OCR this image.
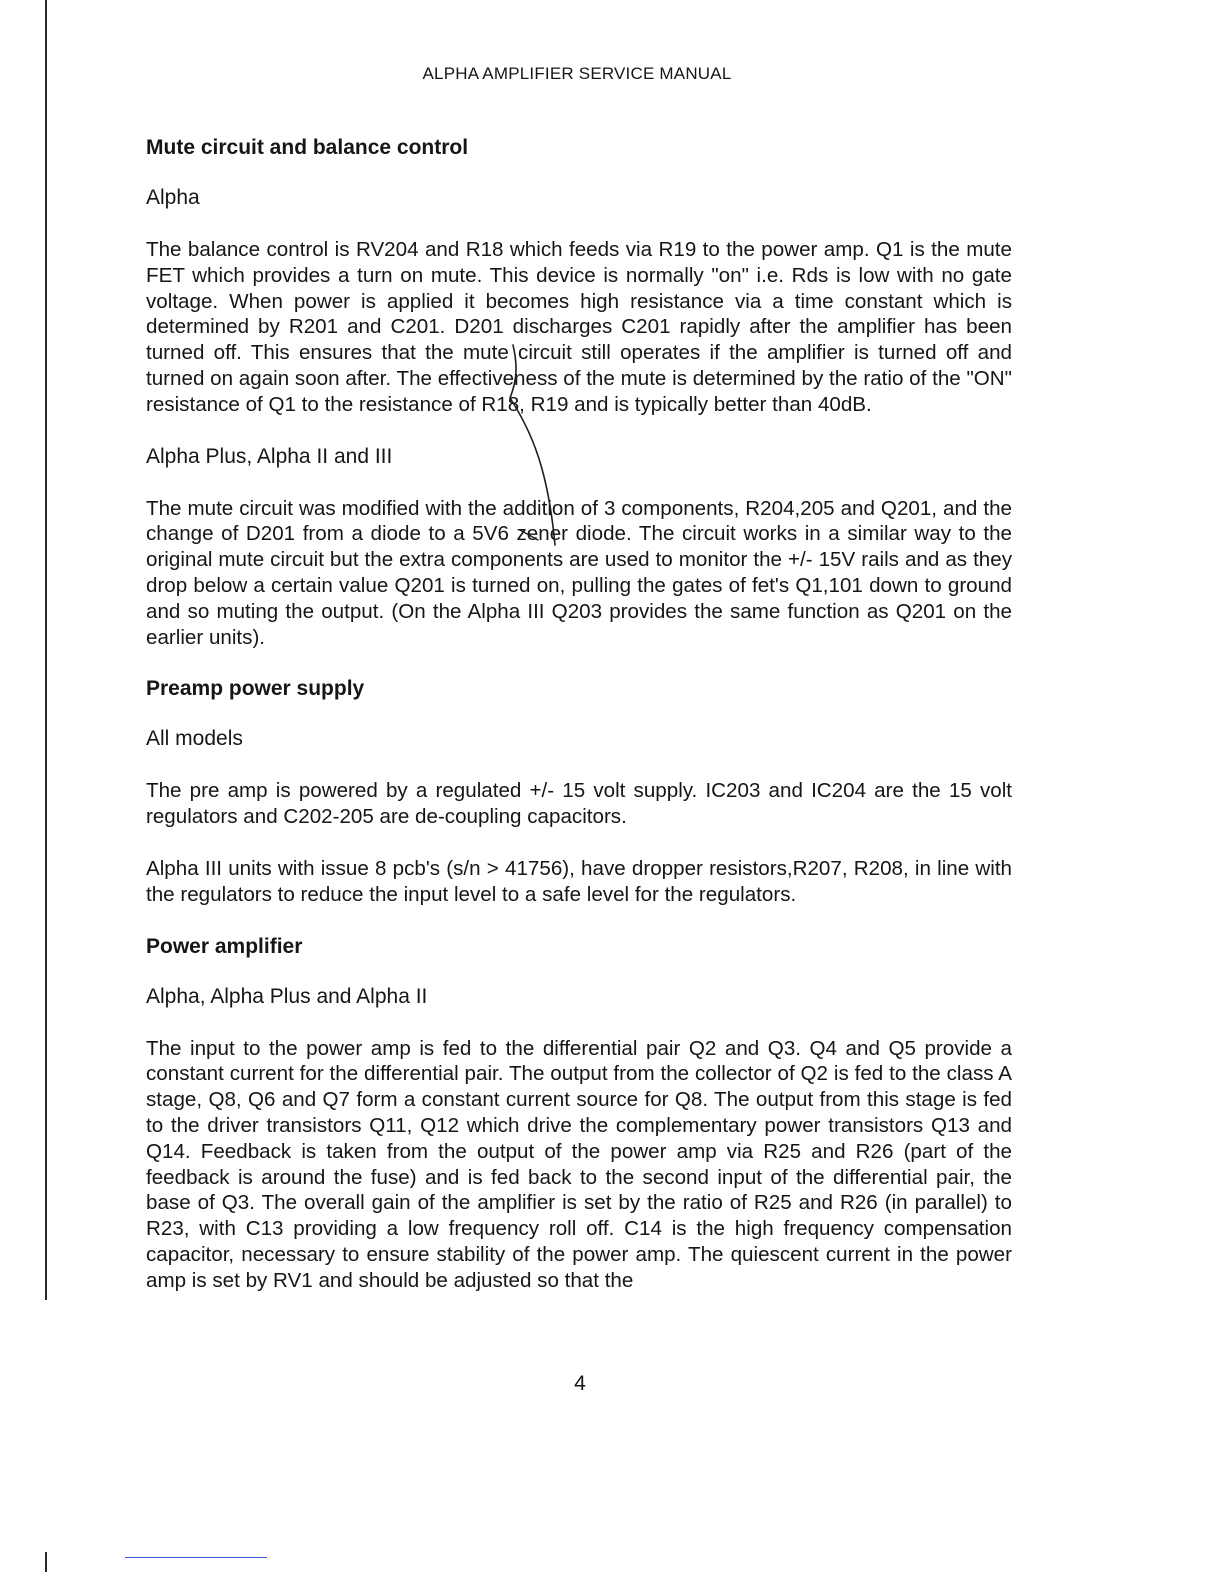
ALPHA AMPLIFIER SERVICE MANUAL
Mute circuit and balance control
Alpha

The balance control is RV204 and R18 which feeds via R19 to the power amp. Q1 is the mute FET which provides a turn on mute. This device is normally "on" i.e. Rds is low with no gate voltage. When power is applied it becomes high resistance via a time constant which is determined by R201 and C201. D201 discharges C201 rapidly after the amplifier has been turned off. This ensures that the mute circuit still operates if the amplifier is turned off and turned on again soon after. The effectiveness of the mute is determined by the ratio of the "ON" resistance of Q1 to the resistance of R18, R19 and is typically better than 40dB.

Alpha Plus, Alpha II and III

The mute circuit was modified with the addition of 3 components, R204,205 and Q201, and the change of D201 from a diode to a 5V6 zener diode. The circuit works in a similar way to the original mute circuit but the extra components are used to monitor the +/- 15V rails and as they drop below a certain value Q201 is turned on, pulling the gates of fet's Q1,101 down to ground and so muting the output. (On the Alpha III Q203 provides the same function as Q201 on the earlier units).

Preamp power supply
All models

The pre amp is powered by a regulated +/- 15 volt supply. IC203 and IC204 are the 15 volt regulators and C202-205 are de-coupling capacitors.

Alpha III units with issue 8 pcb's (s/n > 41756), have dropper resistors,R207, R208, in line with the regulators to reduce the input level to a safe level for the regulators.

Power amplifier
Alpha, Alpha Plus and Alpha II

The input to the power amp is fed to the differential pair Q2 and Q3. Q4 and Q5 provide a constant current for the differential pair. The output from the collector of Q2 is fed to the class A stage, Q8, Q6 and Q7 form a constant current source for Q8. The output from this stage is fed to the driver transistors Q11, Q12 which drive the complementary power transistors Q13 and Q14. Feedback is taken from the output of the power amp via R25 and R26 (part of the feedback is around the fuse) and is fed back to the second input of the differential pair, the base of Q3. The overall gain of the amplifier is set by the ratio of R25 and R26 (in parallel) to R23, with C13 providing a low frequency roll off. C14 is the high frequency compensation capacitor, necessary to ensure stability of the power amp. The quiescent current in the power amp is set by RV1 and should be adjusted so that the

4
